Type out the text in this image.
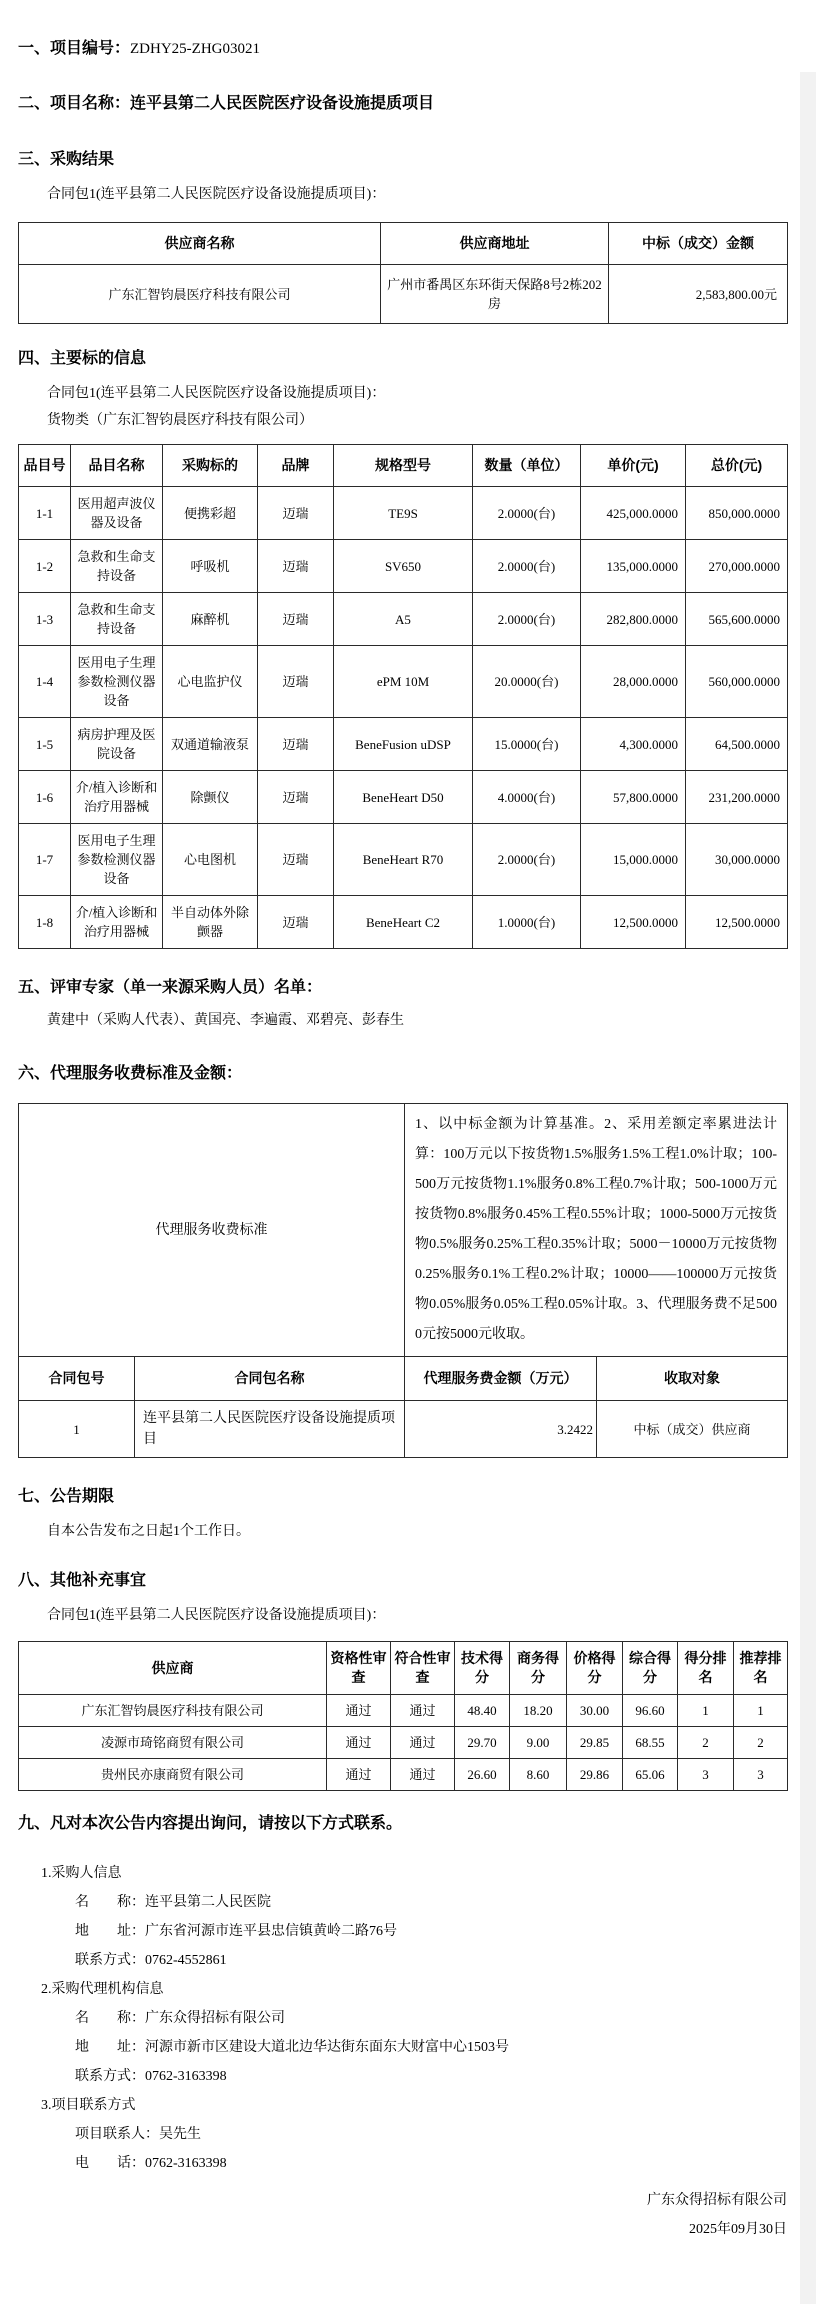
一、项目编号：ZDHY25-ZHG03021
二、项目名称：连平县第二人民医院医疗设备设施提质项目
三、采购结果

合同包1(连平县第二人民医院医疗设备设施提质项目)：

供应商名称	供应商地址	中标（成交）金额
广东汇智钧晨医疗科技有限公司	广州市番禺区东环街天保路8号2栋202房	2,583,800.00元
四、主要标的信息

合同包1(连平县第二人民医院医疗设备设施提质项目)：

货物类（广东汇智钧晨医疗科技有限公司）

品目号	品目名称	采购标的	品牌	规格型号	数量（单位）	单价(元)	总价(元)
1-1	医用超声波仪器及设备	便携彩超	迈瑞	TE9S	2.0000(台)	425,000.0000	850,000.0000
1-2	急救和生命支持设备	呼吸机	迈瑞	SV650	2.0000(台)	135,000.0000	270,000.0000
1-3	急救和生命支持设备	麻醉机	迈瑞	A5	2.0000(台)	282,800.0000	565,600.0000
1-4	医用电子生理参数检测仪器设备	心电监护仪	迈瑞	ePM 10M	20.0000(台)	28,000.0000	560,000.0000
1-5	病房护理及医院设备	双通道输液泵	迈瑞	BeneFusion uDSP	15.0000(台)	4,300.0000	64,500.0000
1-6	介/植入诊断和治疗用器械	除颤仪	迈瑞	BeneHeart D50	4.0000(台)	57,800.0000	231,200.0000
1-7	医用电子生理参数检测仪器设备	心电图机	迈瑞	BeneHeart R70	2.0000(台)	15,000.0000	30,000.0000
1-8	介/植入诊断和治疗用器械	半自动体外除颤器	迈瑞	BeneHeart C2	1.0000(台)	12,500.0000	12,500.0000
五、评审专家（单一来源采购人员）名单：

黄建中（采购人代表）、黄国亮、李遍霞、邓碧亮、彭春生

六、代理服务收费标准及金额：
代理服务收费标准		1、以中标金额为计算基准。2、采用差额定率累进法计算：100万元以下按货物1.5%服务1.5%工程1.0%计取；100-500万元按货物1.1%服务0.8%工程0.7%计取；500-1000万元按货物0.8%服务0.45%工程0.55%计取；1000-5000万元按货物0.5%服务0.25%工程0.35%计取；5000－10000万元按货物0.25%服务0.1%工程0.2%计取；10000——100000万元按货物0.05%服务0.05%工程0.05%计取。3、代理服务费不足5000元按5000元收取。	
合同包号	合同包名称	代理服务费金额（万元）	收取对象
1	连平县第二人民医院医疗设备设施提质项目	3.2422	中标（成交）供应商
七、公告期限

自本公告发布之日起1个工作日。

八、其他补充事宜

合同包1(连平县第二人民医院医疗设备设施提质项目)：

供应商	资格性审查	符合性审查	技术得分	商务得分	价格得分	综合得分	得分排名	推荐排名
广东汇智钧晨医疗科技有限公司	通过	通过	48.40	18.20	30.00	96.60	1	1
凌源市琦铭商贸有限公司	通过	通过	29.70	9.00	29.85	68.55	2	2
贵州民亦康商贸有限公司	通过	通过	26.60	8.60	29.86	65.06	3	3
九、凡对本次公告内容提出询问，请按以下方式联系。

1.采购人信息

名　　称：连平县第二人民医院

地　　址：广东省河源市连平县忠信镇黄岭二路76号

联系方式：0762-4552861

2.采购代理机构信息

名　　称：广东众得招标有限公司

地　　址：河源市新市区建设大道北边华达街东面东大财富中心1503号

联系方式：0762-3163398

3.项目联系方式

项目联系人：吴先生

电　　话：0762-3163398

广东众得招标有限公司

2025年09月30日
